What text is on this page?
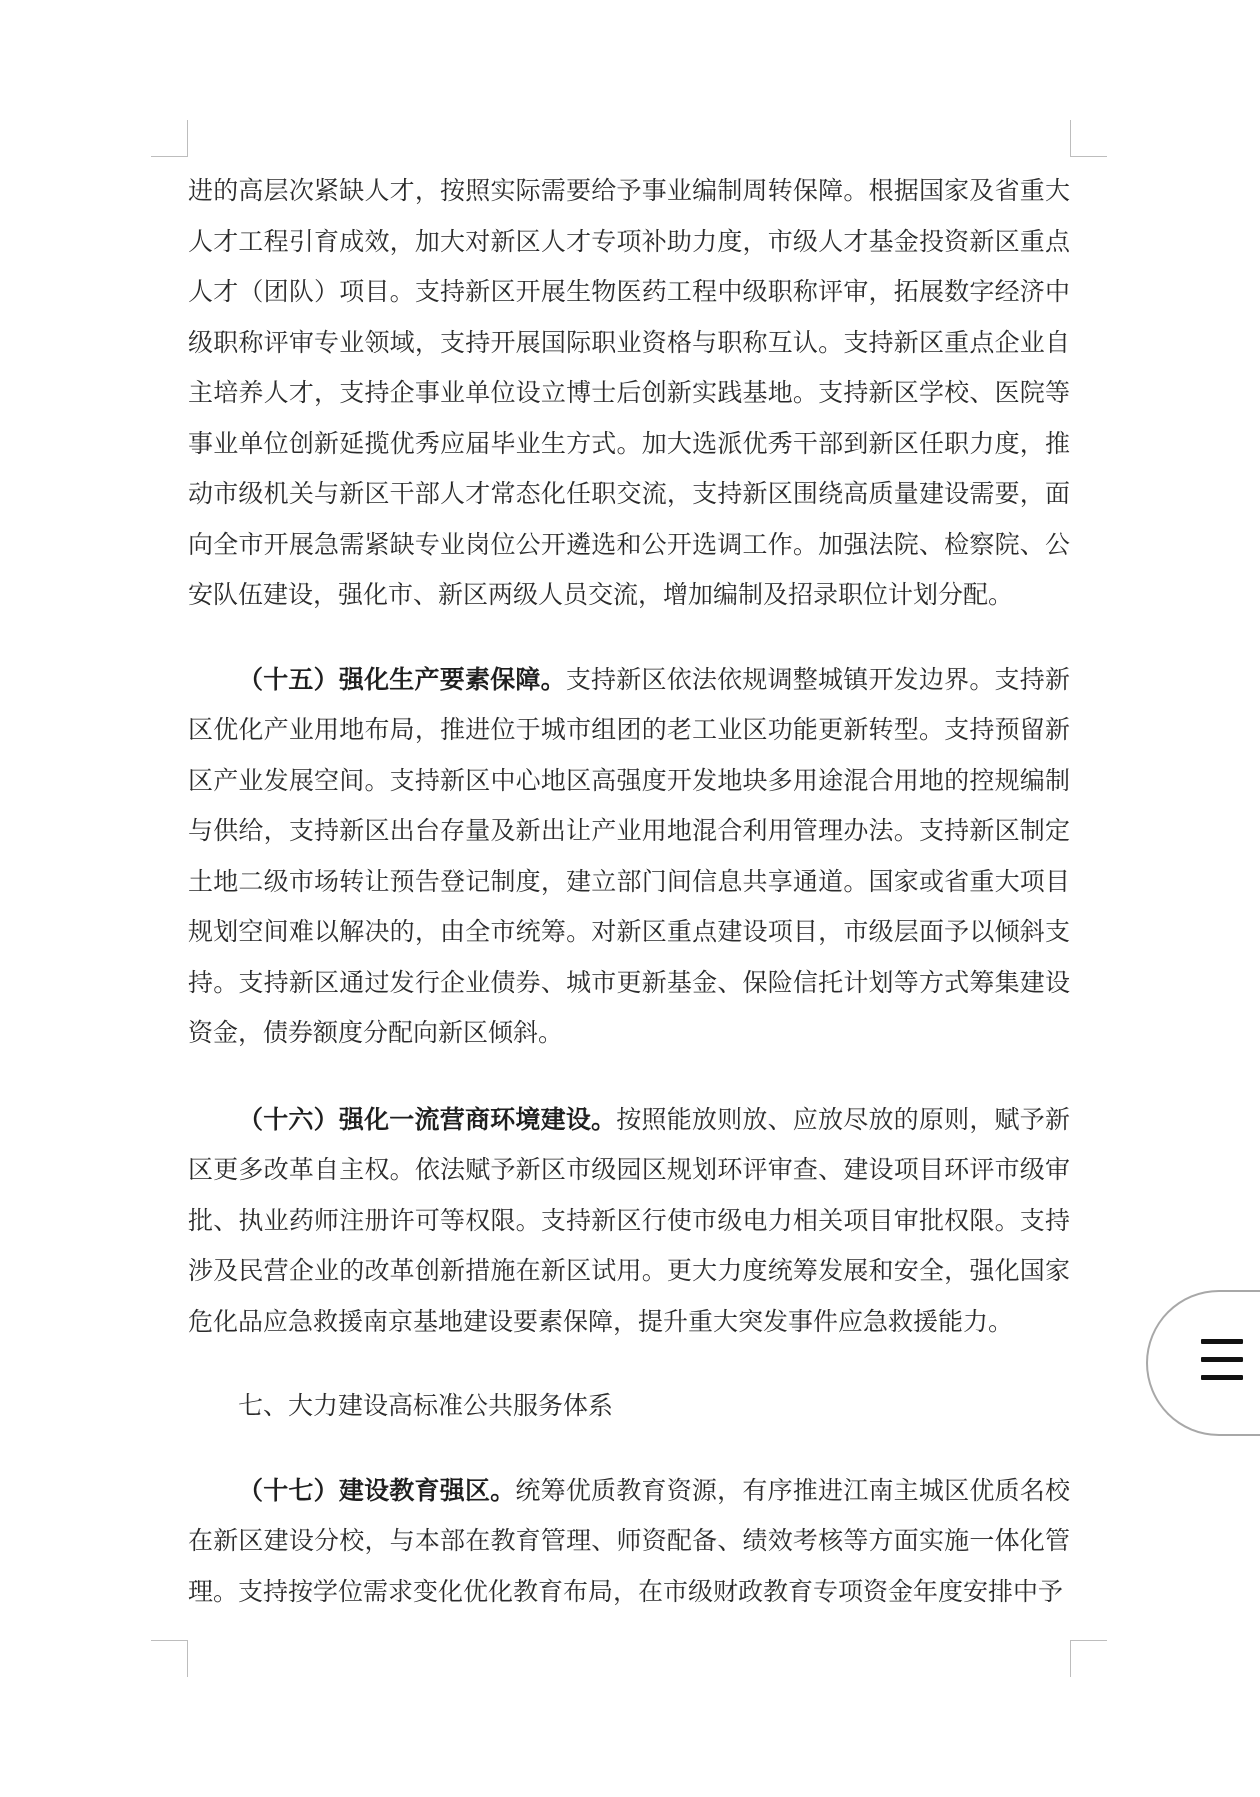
进的高层次紧缺人才，按照实际需要给予事业编制周转保障。根据国家及省重大人才工程引育成效，加大对新区人才专项补助力度，市级人才基金投资新区重点人才（团队）项目。支持新区开展生物医药工程中级职称评审，拓展数字经济中级职称评审专业领域，支持开展国际职业资格与职称互认。支持新区重点企业自主培养人才，支持企事业单位设立博士后创新实践基地。支持新区学校、医院等事业单位创新延揽优秀应届毕业生方式。加大选派优秀干部到新区任职力度，推动市级机关与新区干部人才常态化任职交流，支持新区围绕高质量建设需要，面向全市开展急需紧缺专业岗位公开遴选和公开选调工作。加强法院、检察院、公安队伍建设，强化市、新区两级人员交流，增加编制及招录职位计划分配。

（十五）强化生产要素保障。支持新区依法依规调整城镇开发边界。支持新区优化产业用地布局，推进位于城市组团的老工业区功能更新转型。支持预留新区产业发展空间。支持新区中心地区高强度开发地块多用途混合用地的控规编制与供给，支持新区出台存量及新出让产业用地混合利用管理办法。支持新区制定土地二级市场转让预告登记制度，建立部门间信息共享通道。国家或省重大项目规划空间难以解决的，由全市统筹。对新区重点建设项目，市级层面予以倾斜支持。支持新区通过发行企业债券、城市更新基金、保险信托计划等方式筹集建设资金，债券额度分配向新区倾斜。

（十六）强化一流营商环境建设。按照能放则放、应放尽放的原则，赋予新区更多改革自主权。依法赋予新区市级园区规划环评审查、建设项目环评市级审批、执业药师注册许可等权限。支持新区行使市级电力相关项目审批权限。支持涉及民营企业的改革创新措施在新区试用。更大力度统筹发展和安全，强化国家危化品应急救援南京基地建设要素保障，提升重大突发事件应急救援能力。

七、大力建设高标准公共服务体系

（十七）建设教育强区。统筹优质教育资源，有序推进江南主城区优质名校在新区建设分校，与本部在教育管理、师资配备、绩效考核等方面实施一体化管理。支持按学位需求变化优化教育布局，在市级财政教育专项资金年度安排中予
